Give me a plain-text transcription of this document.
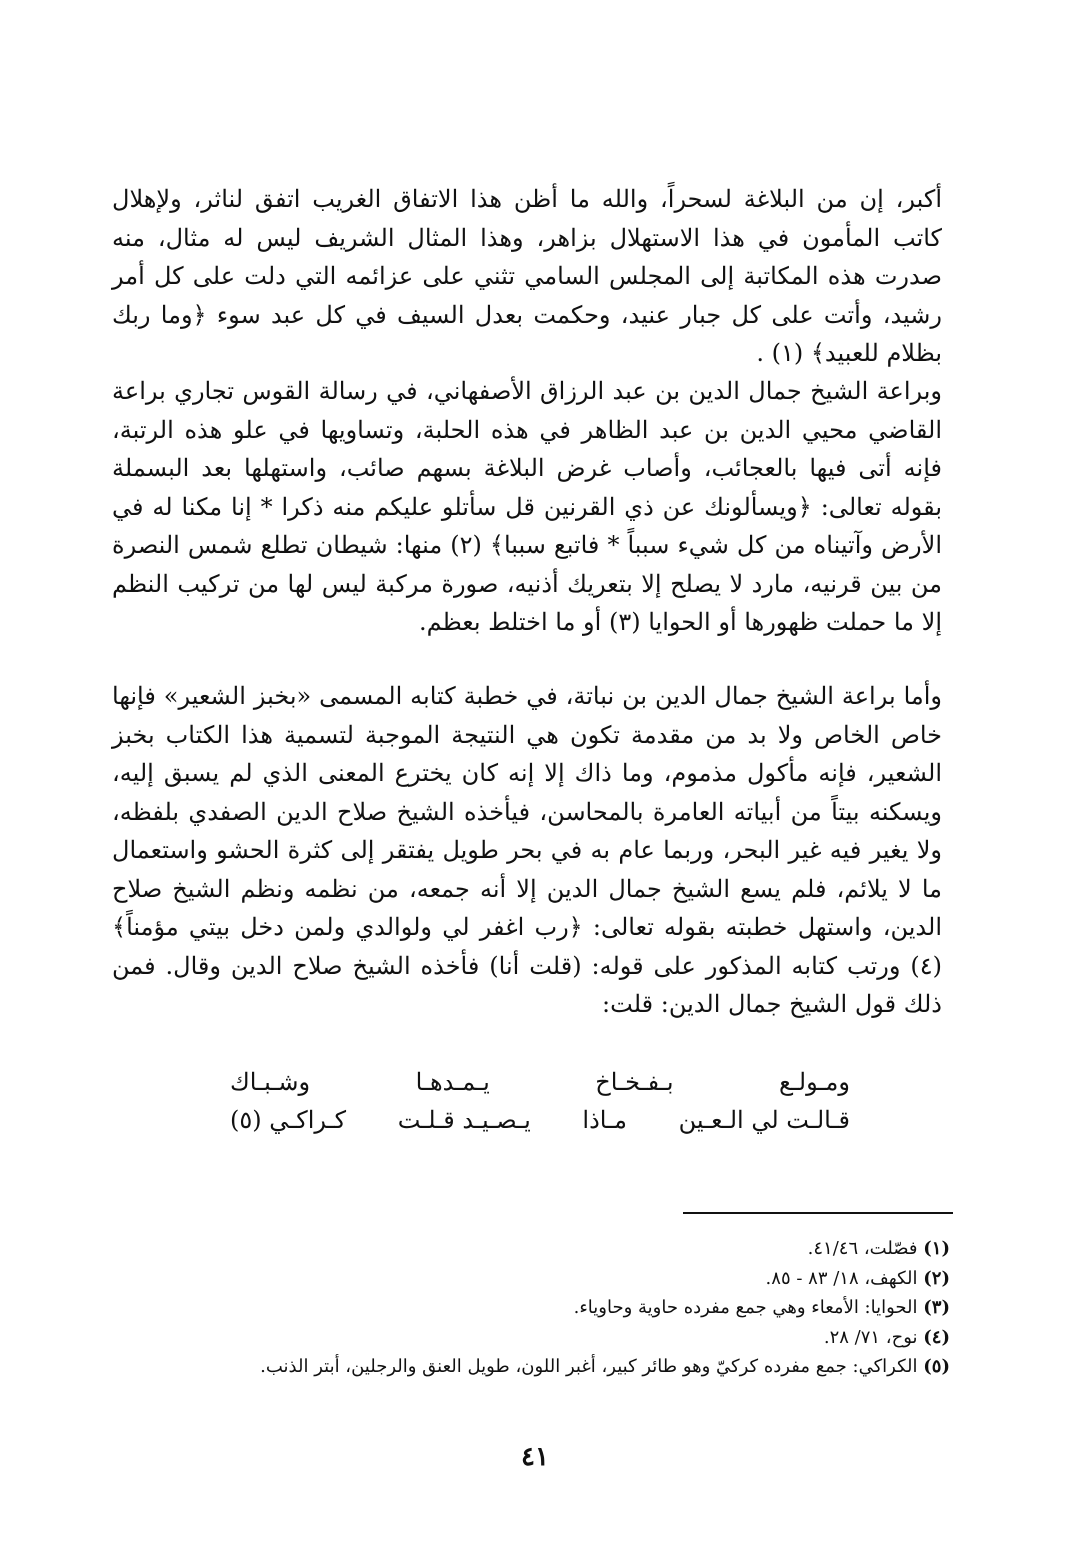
أكبر، إن من البلاغة لسحراً، والله ما أظن هذا الاتفاق الغريب اتفق لناثر، ولإهلال كاتب المأمون في هذا الاستهلال بزاهر، وهذا المثال الشريف ليس له مثال، منه صدرت هذه المكاتبة إلى المجلس السامي تثني على عزائمه التي دلت على كل أمر رشيد، وأتت على كل جبار عنيد، وحكمت بعدل السيف في كل عبد سوء ﴿وما ربك بظلام للعبيد﴾ (١) .

وبراعة الشيخ جمال الدين بن عبد الرزاق الأصفهاني، في رسالة القوس تجاري براعة القاضي محيي الدين بن عبد الظاهر في هذه الحلبة، وتساويها في علو هذه الرتبة، فإنه أتى فيها بالعجائب، وأصاب غرض البلاغة بسهم صائب، واستهلها بعد البسملة بقوله تعالى: ﴿ويسألونك عن ذي القرنين قل سأتلو عليكم منه ذكرا * إنا مكنا له في الأرض وآتيناه من كل شيء سبباً * فاتبع سببا﴾ (٢) منها: شيطان تطلع شمس النصرة من بين قرنيه، مارد لا يصلح إلا بتعريك أذنيه، صورة مركبة ليس لها من تركيب النظم إلا ما حملت ظهورها أو الحوايا (٣) أو ما اختلط بعظم.

وأما براعة الشيخ جمال الدين بن نباتة، في خطبة كتابه المسمى «بخبز الشعير» فإنها خاص الخاص ولا بد من مقدمة تكون هي النتيجة الموجبة لتسمية هذا الكتاب بخبز الشعير، فإنه مأكول مذموم، وما ذاك إلا إنه كان يخترع المعنى الذي لم يسبق إليه، ويسكنه بيتاً من أبياته العامرة بالمحاسن، فيأخذه الشيخ صلاح الدين الصفدي بلفظه، ولا يغير فيه غير البحر، وربما عام به في بحر طويل يفتقر إلى كثرة الحشو واستعمال ما لا يلائم، فلم يسع الشيخ جمال الدين إلا أنه جمعه، من نظمه ونظم الشيخ صلاح الدين، واستهل خطبته بقوله تعالى: ﴿رب اغفر لي ولوالدي ولمن دخل بيتي مؤمناً﴾ (٤) ورتب كتابه المذكور على قوله: (قلت أنا) فأخذه الشيخ صلاح الدين وقال. فمن ذلك قول الشيخ جمال الدين: قلت:

ومـولـع
بـفـخـاخ
يـمـدهـا
وشـبـاك
قـالـت لي الـعـين
مـاذا
يـصـيـد قـلـت
كـراكـي (٥)
(١) فصّلت، ٤١/٤٦.
(٢) الكهف، ١٨/ ٨٣ - ٨٥.
(٣) الحوايا: الأمعاء وهي جمع مفرده حاوية وحاوياء.
(٤) نوح، ٧١/ ٢٨.
(٥) الكراكي: جمع مفرده كركيّ وهو طائر كبير، أغبر اللون، طويل العنق والرجلين، أبتر الذنب.
٤١
